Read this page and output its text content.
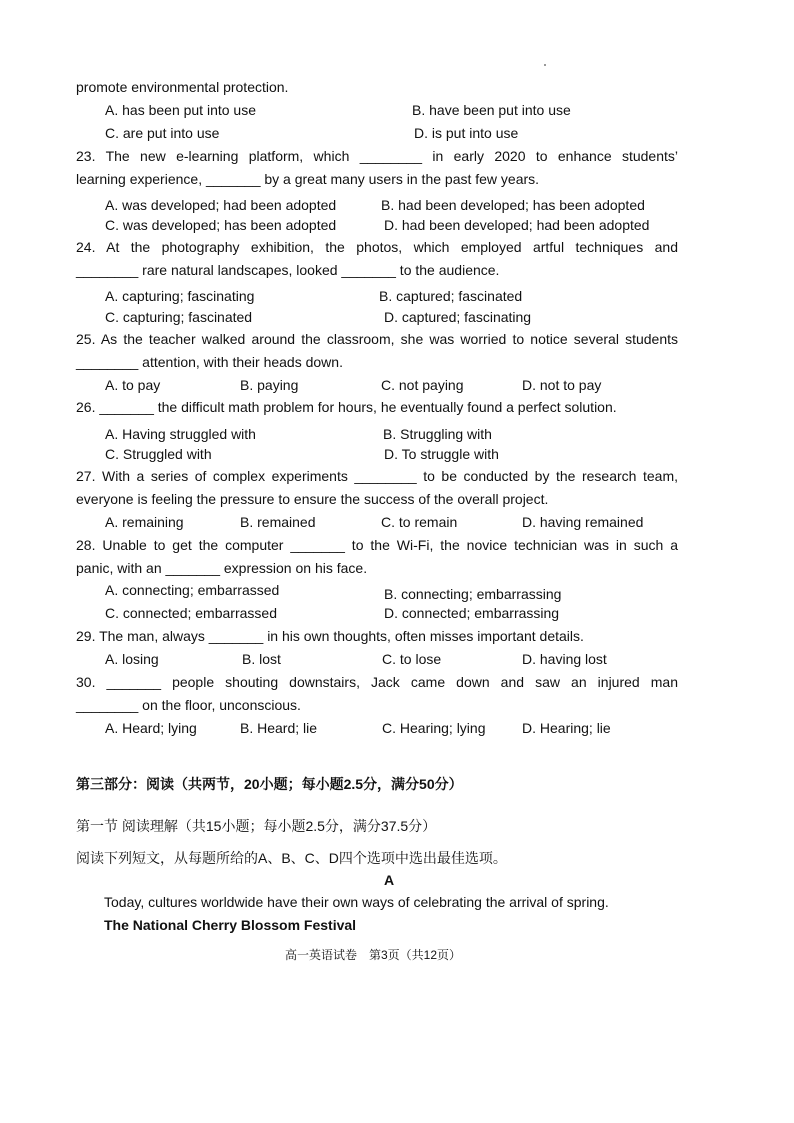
promote environmental protection.
A. has been put into use	B. have been put into use
C. are put into use	D. is put into use
23. The new e-learning platform, which ________ in early 2020 to enhance students’
learning experience, _______ by a great many users in the past few years.
A. was developed; had been adopted	B. had been developed; has been adopted
C. was developed; has been adopted	D. had been developed; had been adopted
24. At the photography exhibition, the photos, which employed artful techniques and
________ rare natural landscapes, looked _______ to the audience.
A. capturing; fascinating	B. captured; fascinated
C. capturing; fascinated	D. captured; fascinating
25. As the teacher walked around the classroom, she was worried to notice several students
________ attention, with their heads down.
A. to pay	B. paying	C. not paying	D. not to pay
26. _______ the difficult math problem for hours, he eventually found a perfect solution.
A. Having struggled with	B. Struggling with
C. Struggled with	D. To struggle with
27. With a series of complex experiments ________ to be conducted by the research team,
everyone is feeling the pressure to ensure the success of the overall project.
A. remaining	B. remained	C. to remain	D. having remained
28. Unable to get the computer _______ to the Wi-Fi, the novice technician was in such a
panic, with an _______ expression on his face.
A. connecting; embarrassed	B. connecting; embarrassing
C. connected; embarrassed	D. connected; embarrassing
29. The man, always _______ in his own thoughts, often misses important details.
A. losing	B. lost	C. to lose	D. having lost
30. _______ people shouting downstairs, Jack came down and saw an injured man
________ on the floor, unconscious.
A. Heard; lying	B. Heard; lie	C. Hearing; lying	D. Hearing; lie
第三部分：阅读（共两节，20小题；每小题2.5分，满分50分）
第一节 阅读理解（共15小题；每小题2.5分，满分37.5分）
阅读下列短文，从每题所给的A、B、C、D四个选项中选出最佳选项。
A
Today, cultures worldwide have their own ways of celebrating the arrival of spring.
The National Cherry Blossom Festival
高一英语试卷　第3页（共12页）
